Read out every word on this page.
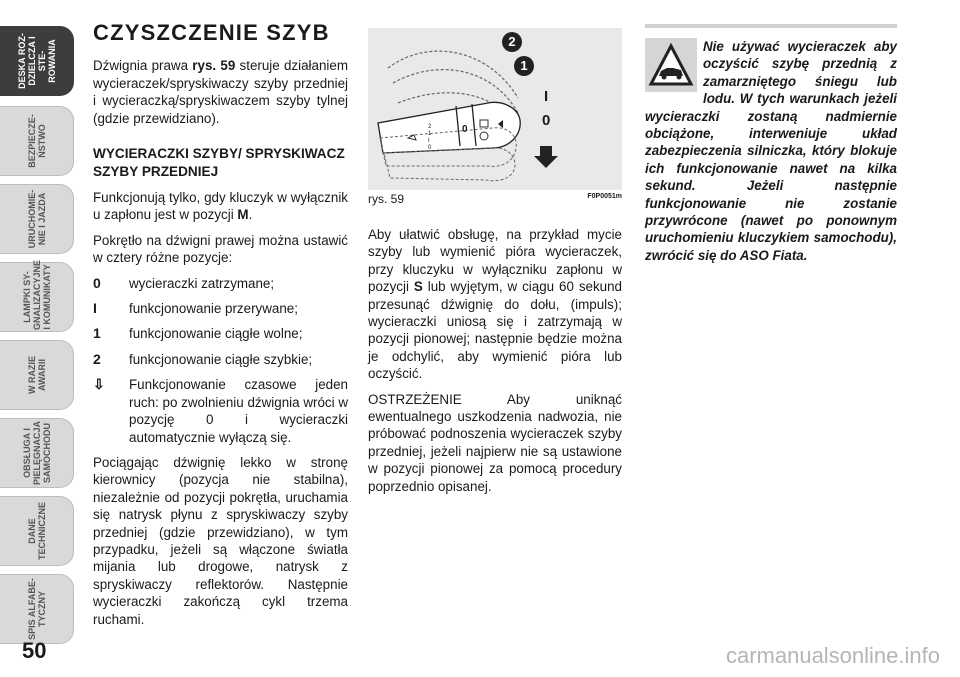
DESKA ROZ-
DZIELCZA I STE-
ROWANIA
BEZPIECZE-
ŃSTWO
URUCHOMIE-
NIE I JAZDA
LAMPKI SY-
GNALIZACYJNE
I KOMUNIKATY
W RAZIE
AWARII
OBSŁUGA I
PIELĘGNACJA
SAMOCHODU
DANE
TECHNICZNE
SPIS ALFABE-
TYCZNY
50
CZYSZCZENIE SZYB
Dźwignia prawa rys. 59 steruje działaniem wycieraczek/spryskiwaczy szyby przedniej i wycieraczką/spryskiwaczem szyby tylnej (gdzie przewidziano).
WYCIERACZKI SZYBY/ SPRYSKIWACZ SZYBY PRZEDNIEJ
Funkcjonują tylko, gdy kluczyk w wyłącznik u zapłonu jest w pozycji M.
Pokrętło na dźwigni prawej można ustawić w cztery różne pozycje:
0	wycieraczki zatrzymane;
I	funkcjonowanie przerywane;
1	funkcjonowanie ciągłe wolne;
2	funkcjonowanie ciągłe szybkie;
⇩	Funkcjonowanie czasowe jeden ruch: po zwolnieniu dźwignia wróci w pozycję 0 i wycieraczki automatycznie wyłączą się.
Pociągając dźwignię lekko w stronę kierownicy (pozycja nie stabilna), niezależnie od pozycji pokrętła, uruchamia się natrysk płynu z spryskiwaczy szyby przedniej (gdzie przewidziano), w tym przypadku, jeżeli są włączone światła mijania lub drogowe, natrysk z spryskiwaczy reflektorów. Następnie wycieraczki zakończą cykl trzema ruchami.
2
1
I
0
0
2
1
I
0
rys. 59	F0P0051m
Aby ułatwić obsługę, na przykład mycie szyby lub wymienić pióra wycieraczek, przy kluczyku w wyłączniku zapłonu w pozycji S lub wyjętym, w ciągu 60 sekund przesunąć dźwignię do dołu, (impuls); wycieraczki uniosą się i zatrzymają w pozycji pionowej; następnie będzie można je odchylić, aby wymienić pióra lub oczyścić.
OSTRZEŻENIE Aby uniknąć ewentualnego uszkodzenia nadwozia, nie próbować podnoszenia wycieraczek szyby przedniej, jeżeli najpierw nie są ustawione w pozycji pionowej za pomocą procedury poprzednio opisanej.
Nie używać wycieraczek aby oczyścić szybę przednią z zamarzniętego śniegu lub lodu. W tych warunkach jeżeli wycieraczki zostaną nadmiernie obciążone, interweniuje układ zabezpieczenia silniczka, który blokuje ich funkcjonowanie nawet na kilka sekund. Jeżeli następnie funkcjonowanie nie zostanie przywrócone (nawet po ponownym uruchomieniu kluczykiem samochodu), zwrócić się do ASO Fiata.
carmanualsonline.info
